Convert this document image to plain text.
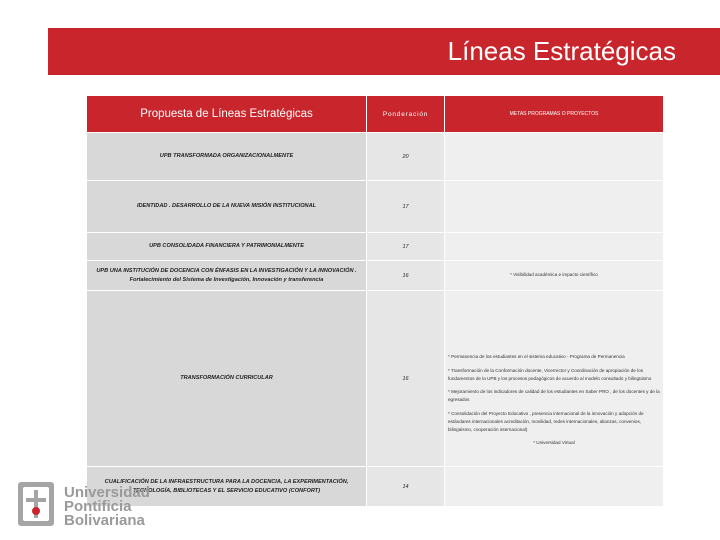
Líneas Estratégicas
Propuesta de Líneas Estratégicas	Ponderación	METAS PROGRAMAS O PROYECTOS

UPB TRANSFORMADA ORGANIZACIONALMENTE	20	

IDENTIDAD . DESARROLLO DE LA NUEVA MISIÓN INSTITUCIONAL	17	

UPB CONSOLIDADA FINANCIERA Y PATRIMONIALMENTE	17	

UPB UNA INSTITUCIÓN DE DOCENCIA CON ÉNFASIS EN LA INVESTIGACIÓN Y LA INNOVACIÓN .
Fortalecimiento del Sistema de Investigación, Innovación y transferencia	16	* Visibilidad académica e impacto científico

TRANSFORMACIÓN CURRICULAR	16	* Permanencia de los estudiantes en el sistema educativo - Programa de Permanencia
* Transformación de la Conformación docente, Vicerrector y Coordinación de apropiación de los fundamentos de la UPB y los procesos pedagógicos de acuerdo al modelo consultado y bilingüismo
* Mejoramiento de los indicadores de calidad de los estudiantes en Saber PRO , de los docentes y de la egresados
* Consolidación del Proyecto Educativo , presencia internacional de la innovación y adopción de estándares internacionales acreditación, movilidad, redes internacionales, alianzas, convenios, bilingüismo, cooperación internacional)
* Universidad Virtual

CUALIFICACIÓN DE LA INFRAESTRUCTURA PARA LA DOCENCIA, LA EXPERIMENTACIÓN,
TECNOLOGÍA, BIBLIOTECAS Y EL SERVICIO EDUCATIVO (CONFORT)	14	
Universidad
Pontificia
Bolivariana
